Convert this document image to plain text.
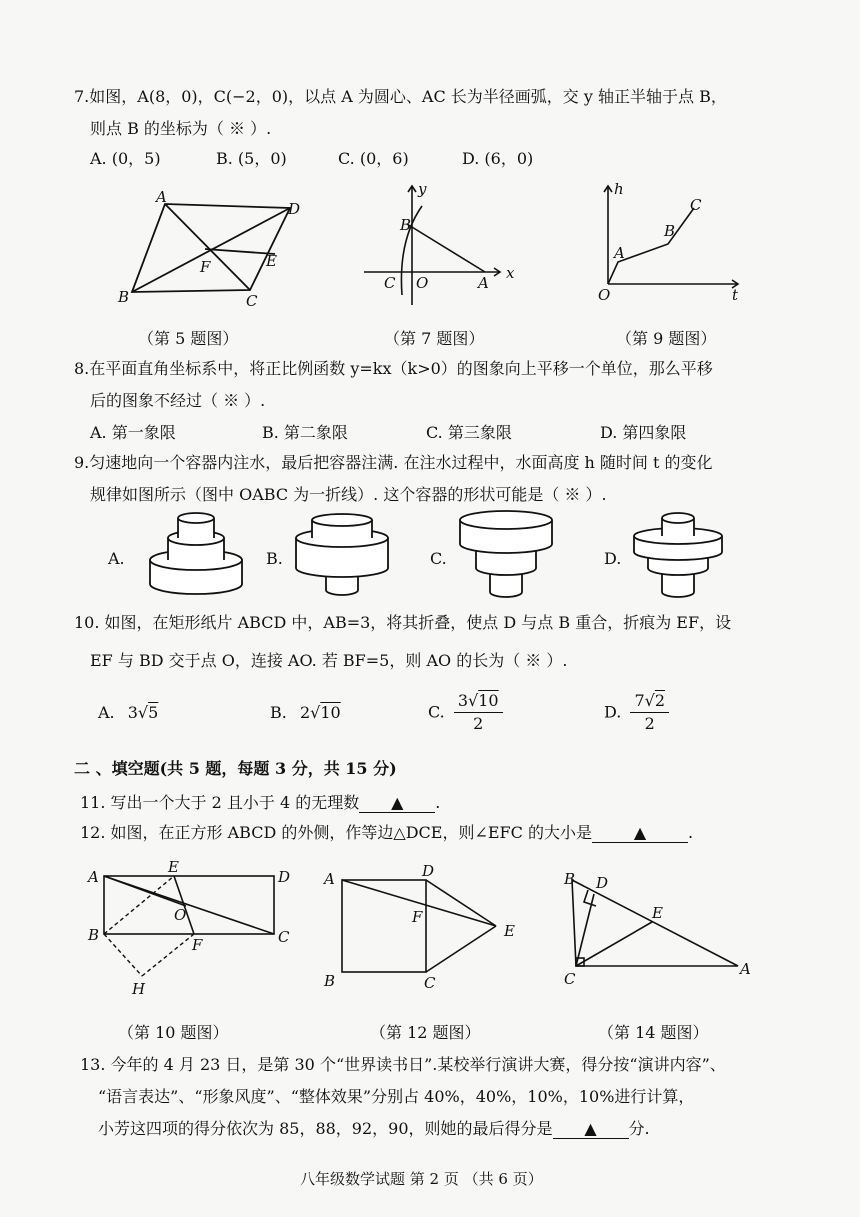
7.如图，A(8，0)，C(−2，0)，以点 A 为圆心、AC 长为半径画弧，交 y 轴正半轴于点 B，
则点 B 的坐标为（ ※ ）.
A. (0，5)	B. (5，0)	C. (0，6)	D. (6，0)
A
D
F	E
B	C
（第 5 题图）
y
B
C O	A
x
（第 7 题图）
h
C
B
A
O	t
（第 9 题图）
8.在平面直角坐标系中，将正比例函数 y=kx（k>0）的图象向上平移一个单位，那么平移
后的图象不经过（ ※ ）.
A. 第一象限	B. 第二象限	C. 第三象限	D. 第四象限
9.匀速地向一个容器内注水，最后把容器注满. 在注水过程中，水面高度 h 随时间 t 的变化
规律如图所示（图中 OABC 为一折线）. 这个容器的形状可能是（ ※ ）.
A.	B.	C.	D.
10. 如图，在矩形纸片 ABCD 中，AB=3，将其折叠，使点 D 与点 B 重合，折痕为 EF，设
EF 与 BD 交于点 O，连接 AO. 若 BF=5，则 AO 的长为（ ※ ）.
A. 3√5	B. 2√10	C. $\frac{3√10}{2}$	D. $\frac{7√2}{2}$
二 、填空题(共 5 题，每题 3 分，共 15 分)
11. 写出一个大于 2 且小于 4 的无理数 ▲ .
12. 如图，在正方形 ABCD 的外侧，作等边△DCE，则∠EFC 的大小是	▲	.
A
E
D
O
B
F	C
H
（第 10 题图）
A	D
F
E
B	C
（第 12 题图）
B D
E
C
A
（第 14 题图）
13. 今年的 4 月 23 日，是第 30 个“世界读书日”.某校举行演讲大赛，得分按“演讲内容”、
“语言表达”、“形象风度”、“整体效果”分别占 40%，40%，10%，10%进行计算，
小芳这四项的得分依次为 85，88，92，90，则她的最后得分是 ▲ 分.
八年级数学试题 第 2 页 （共 6 页）
